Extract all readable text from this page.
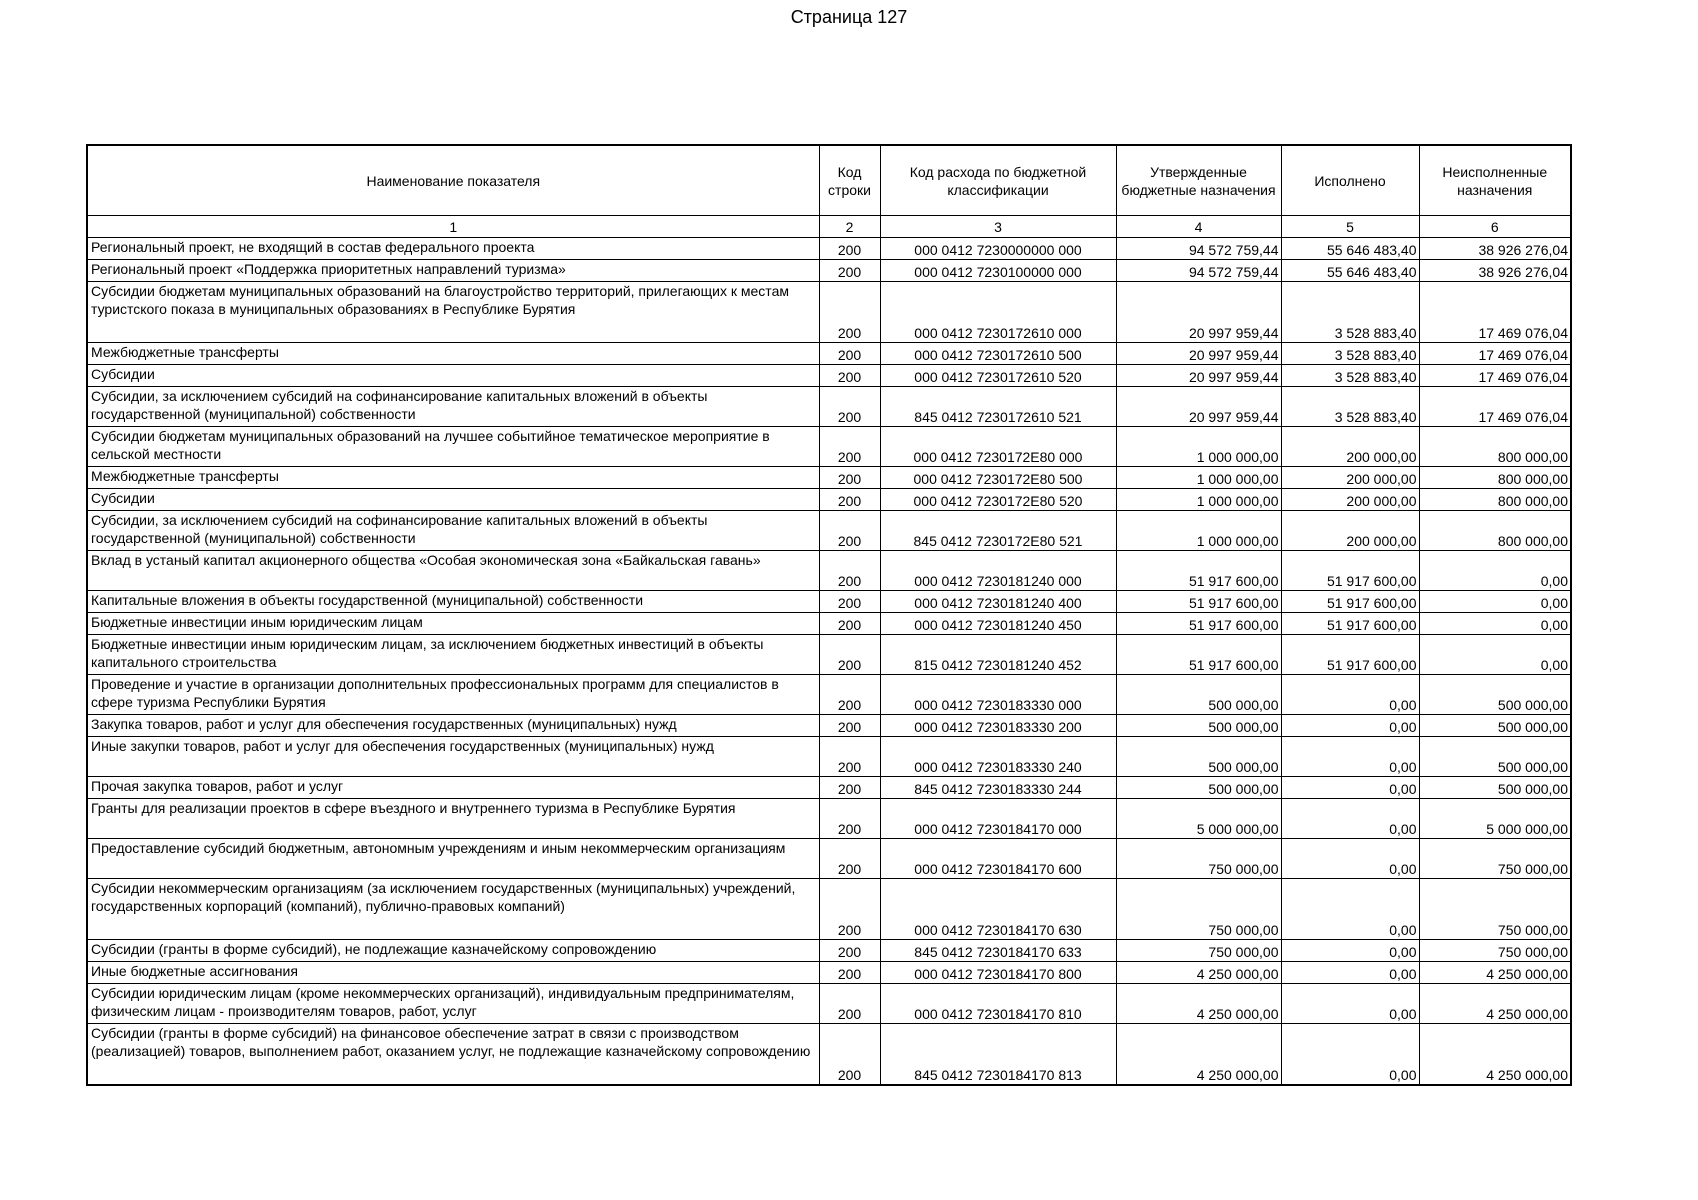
Страница 127
Наименование показателя	Код строки	Код расхода по бюджетной классификации	Утвержденные бюджетные назначения	Исполнено	Неисполненные назначения
1	2	3	4	5	6
Региональный проект, не входящий в состав федерального проекта	200	000 0412 7230000000 000	94 572 759,44	55 646 483,40	38 926 276,04
Региональный проект «Поддержка приоритетных направлений туризма»	200	000 0412 7230100000 000	94 572 759,44	55 646 483,40	38 926 276,04
Субсидии бюджетам муниципальных образований на благоустройство территорий, прилегающих к местам туристского показа в муниципальных образованиях в Республике Бурятия	200	000 0412 7230172610 000	20 997 959,44	3 528 883,40	17 469 076,04
Межбюджетные трансферты	200	000 0412 7230172610 500	20 997 959,44	3 528 883,40	17 469 076,04
Субсидии	200	000 0412 7230172610 520	20 997 959,44	3 528 883,40	17 469 076,04
Субсидии, за исключением субсидий на софинансирование капитальных вложений в объекты государственной (муниципальной) собственности	200	845 0412 7230172610 521	20 997 959,44	3 528 883,40	17 469 076,04
Субсидии бюджетам муниципальных образований на лучшее событийное тематическое мероприятие в сельской местности	200	000 0412 7230172E80 000	1 000 000,00	200 000,00	800 000,00
Межбюджетные трансферты	200	000 0412 7230172E80 500	1 000 000,00	200 000,00	800 000,00
Субсидии	200	000 0412 7230172E80 520	1 000 000,00	200 000,00	800 000,00
Субсидии, за исключением субсидий на софинансирование капитальных вложений в объекты государственной (муниципальной) собственности	200	845 0412 7230172E80 521	1 000 000,00	200 000,00	800 000,00
Вклад в устаный капитал акционерного общества «Особая экономическая зона «Байкальская гавань»	200	000 0412 7230181240 000	51 917 600,00	51 917 600,00	0,00
Капитальные вложения в объекты государственной (муниципальной) собственности	200	000 0412 7230181240 400	51 917 600,00	51 917 600,00	0,00
Бюджетные инвестиции иным юридическим лицам	200	000 0412 7230181240 450	51 917 600,00	51 917 600,00	0,00
Бюджетные инвестиции иным юридическим лицам, за исключением бюджетных инвестиций в объекты капитального строительства	200	815 0412 7230181240 452	51 917 600,00	51 917 600,00	0,00
Проведение и участие в организации дополнительных профессиональных программ для специалистов в сфере туризма Республики Бурятия	200	000 0412 7230183330 000	500 000,00	0,00	500 000,00
Закупка товаров, работ и услуг для обеспечения государственных (муниципальных) нужд	200	000 0412 7230183330 200	500 000,00	0,00	500 000,00
Иные закупки товаров, работ и услуг для обеспечения государственных (муниципальных) нужд	200	000 0412 7230183330 240	500 000,00	0,00	500 000,00
Прочая закупка товаров, работ и услуг	200	845 0412 7230183330 244	500 000,00	0,00	500 000,00
Гранты для реализации проектов в сфере въездного и внутреннего туризма в Республике Бурятия	200	000 0412 7230184170 000	5 000 000,00	0,00	5 000 000,00
Предоставление субсидий бюджетным, автономным учреждениям и иным некоммерческим организациям	200	000 0412 7230184170 600	750 000,00	0,00	750 000,00
Субсидии некоммерческим организациям (за исключением государственных (муниципальных) учреждений, государственных корпораций (компаний), публично-правовых компаний)	200	000 0412 7230184170 630	750 000,00	0,00	750 000,00
Субсидии (гранты в форме субсидий), не подлежащие казначейскому сопровождению	200	845 0412 7230184170 633	750 000,00	0,00	750 000,00
Иные бюджетные ассигнования	200	000 0412 7230184170 800	4 250 000,00	0,00	4 250 000,00
Субсидии юридическим лицам (кроме некоммерческих организаций), индивидуальным предпринимателям, физическим лицам - производителям товаров, работ, услуг	200	000 0412 7230184170 810	4 250 000,00	0,00	4 250 000,00
Субсидии (гранты в форме субсидий) на финансовое обеспечение затрат в связи с производством (реализацией) товаров, выполнением работ, оказанием услуг, не подлежащие казначейскому сопровождению	200	845 0412 7230184170 813	4 250 000,00	0,00	4 250 000,00
